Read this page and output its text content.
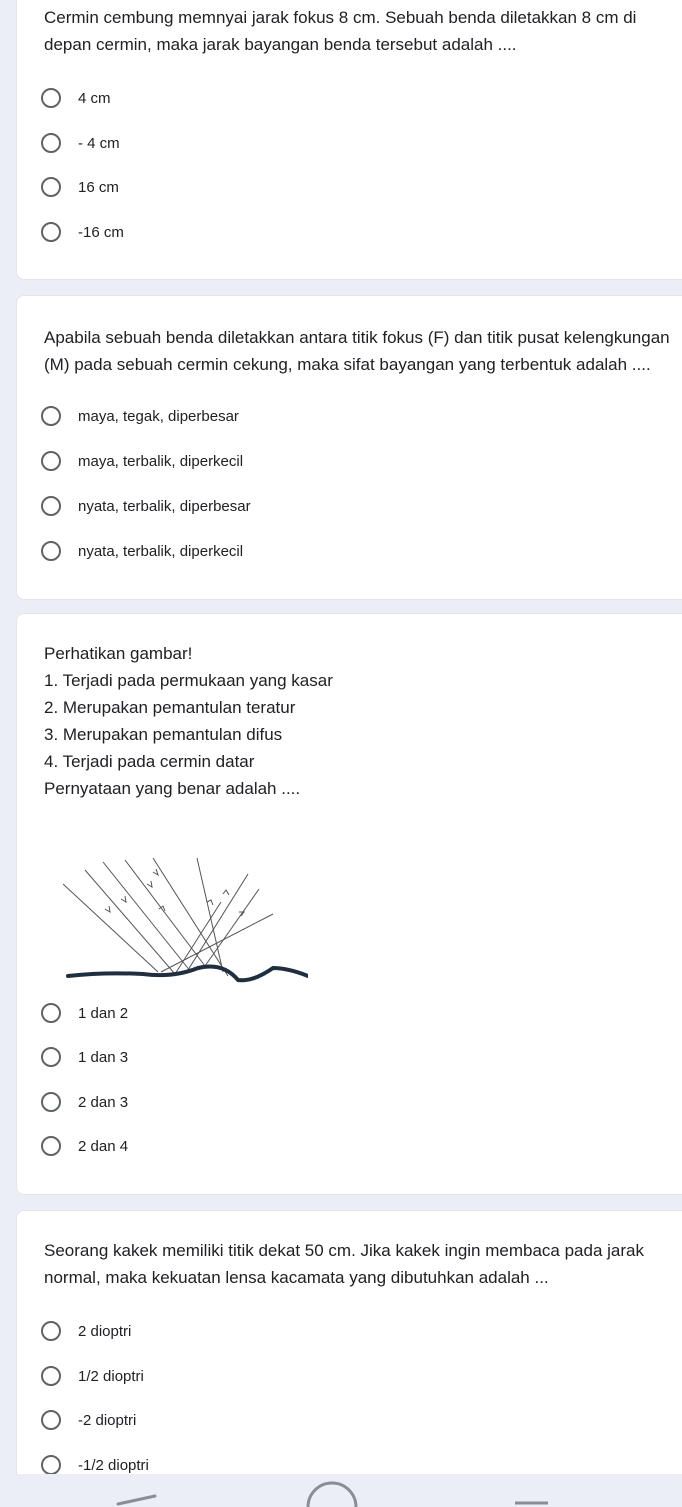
Cermin cembung memnyai jarak fokus 8 cm. Sebuah benda diletakkan 8 cm di depan cermin, maka jarak bayangan benda tersebut adalah ....
4 cm
- 4 cm
16 cm
-16 cm
Apabila sebuah benda diletakkan antara titik fokus (F) dan titik pusat kelengkungan (M) pada sebuah cermin cekung, maka sifat bayangan yang terbentuk adalah ....
maya, tegak, diperbesar
maya, terbalik, diperkecil
nyata, terbalik, diperbesar
nyata, terbalik, diperkecil
Perhatikan gambar!
1. Terjadi pada permukaan yang kasar
2. Merupakan pemantulan teratur
3. Merupakan pemantulan difus
4. Terjadi pada cermin datar
Pernyataan yang benar adalah ....
1 dan 2
1 dan 3
2 dan 3
2 dan 4
Seorang kakek memiliki titik dekat 50 cm. Jika kakek ingin membaca pada jarak normal, maka kekuatan lensa kacamata yang dibutuhkan adalah ...
2 dioptri
1/2 dioptri
-2 dioptri
-1/2 dioptri
